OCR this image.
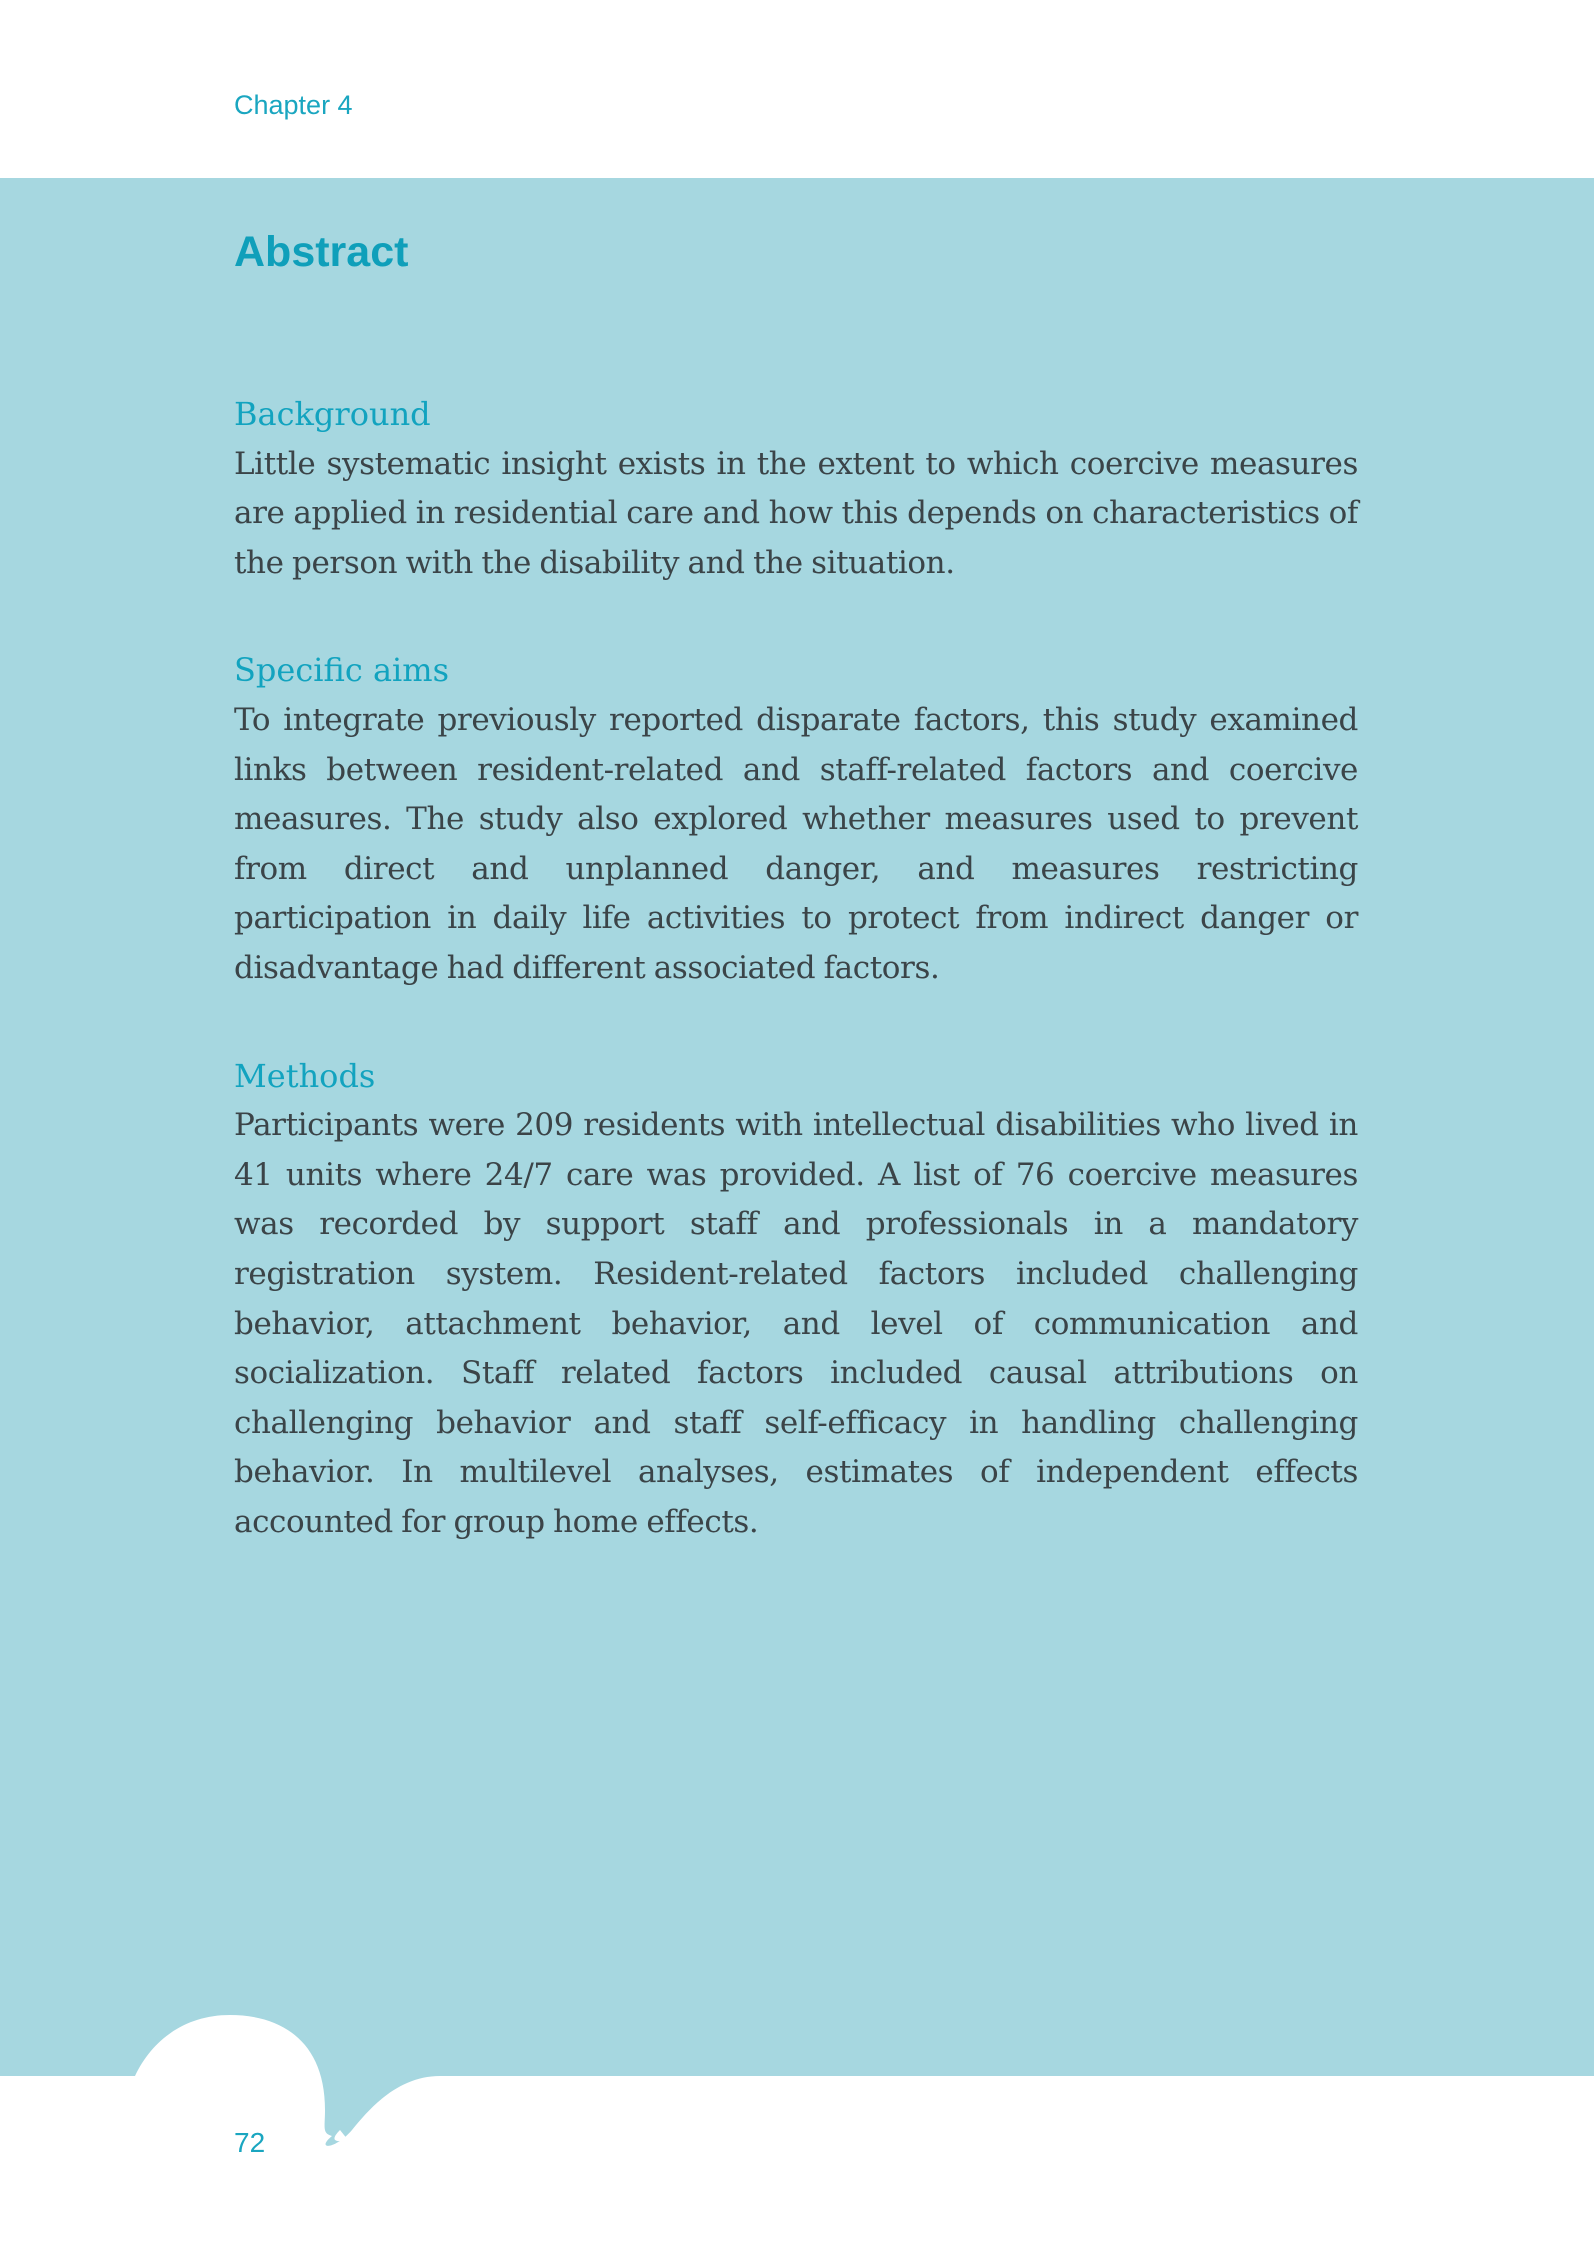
Chapter 4
Abstract
Background

Little systematic insight exists in the extent to which coercive measures are applied in residential care and how this depends on characteristics of the person with the disability and the situation.

Specific aims

To integrate previously reported disparate factors, this study examined links between resident-related and staff-related factors and coercive measures. The study also explored whether measures used to prevent from direct and unplanned danger, and measures restricting participation in daily life activities to protect from indirect danger or disadvantage had different associated factors.

Methods

Participants were 209 residents with intellectual disabilities who lived in 41 units where 24/7 care was provided. A list of 76 coercive measures was recorded by support staff and professionals in a mandatory registration system. Resident-related factors included challenging behavior, attachment behavior, and level of communication and socialization. Staff related factors included causal attributions on challenging behavior and staff self-efficacy in handling challenging behavior. In multilevel analyses, estimates of independent effects accounted for group home effects.

72
